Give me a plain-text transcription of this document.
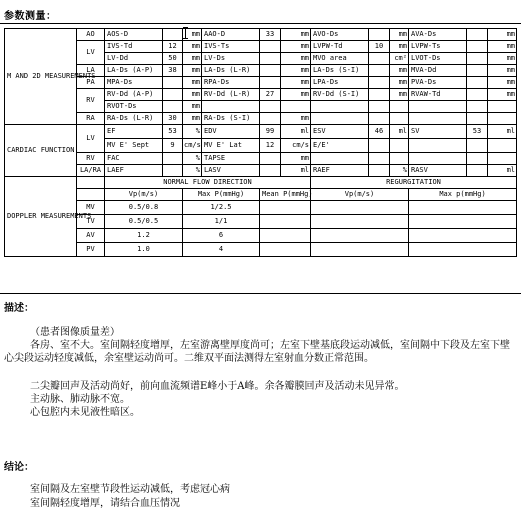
参数测量：
M AND 2D MEASUREMENTS	AO	AOS-D		mm	AAO-D	33	mm	AVO-Ds		mm	AVA-Ds		mm
	LV	IVS-Td	12	mm	IVS-Ts		mm	LVPW-Td	10	mm	LVPW-Ts		mm
		LV-Dd	50	mm	LV-Ds		mm	MVO area		cm²	LVOT-Ds		mm
	LA	LA-Ds (A-P)	38	mm	LA-Ds (L-R)		mm	LA-Ds (S-I)		mm	MVA-Dd		mm
	PA	MPA-Ds		mm	RPA-Ds		mm	LPA-Ds		mm	PVA-Ds		mm
	RV	RV-Dd (A-P)		mm	RV-Dd (L-R)	27	mm	RV-Dd (S-I)		mm	RVAW-Td		mm
		RVOT-Ds		mm									
	RA	RA-Ds (L-R)	30	mm	RA-Ds (S-I)		mm						
CARDIAC FUNCTION	LV	EF	53	%	EDV	99	ml	ESV	46	ml	SV	53	ml
		MV E' Sept	9	cm/s	MV E' Lat	12	cm/s	E/E'					
	RV	FAC		%	TAPSE		mm						
	LA/RA	LAEF		%	LASV		ml	RAEF		%	RASV		ml
DOPPLER MEASUREMENTS		NORMAL FLOW DIRECTION						REGURGITATION					
		Vp(m/s)		Max P(mmHg)		Mean P(mmHg)		Vp(m/s)			Max p(mmHg)		
	MV	0.5/0.8		1/2.5									
	TV	0.5/0.5		1/1									
	AV	1.2		6									
	PV	1.0		4									
描述：

（患者图像质量差）

各房、室不大。室间隔轻度增厚，左室游离壁厚度尚可；左室下壁基底段运动减低，室间隔中下段及左室下壁心尖段运动轻度减低，余室壁运动尚可。二维双平面法测得左室射血分数正常范围。

二尖瓣回声及活动尚好，前向血流频谱E峰小于A峰。余各瓣膜回声及活动未见异常。

主动脉、肺动脉不宽。

心包腔内未见液性暗区。

结论：

室间隔及左室壁节段性运动减低，考虑冠心病

室间隔轻度增厚，请结合血压情况
